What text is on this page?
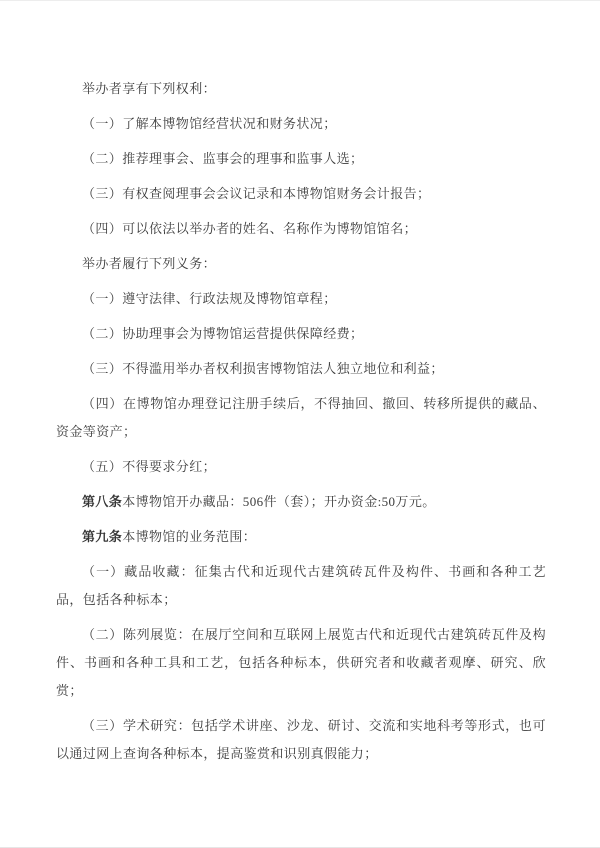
举办者享有下列权利：

（一）了解本博物馆经营状况和财务状况；

（二）推荐理事会、监事会的理事和监事人选；

（三）有权查阅理事会会议记录和本博物馆财务会计报告；

（四）可以依法以举办者的姓名、名称作为博物馆馆名；

举办者履行下列义务：

（一）遵守法律、行政法规及博物馆章程；

（二）协助理事会为博物馆运营提供保障经费；

（三）不得滥用举办者权利损害博物馆法人独立地位和利益；

（四）在博物馆办理登记注册手续后，不得抽回、撤回、转移所提供的藏品、资金等资产；

（五）不得要求分红；

第八条本博物馆开办藏品：506件（套）；开办资金:50万元。

第九条本博物馆的业务范围：

（一）藏品收藏：征集古代和近现代古建筑砖瓦件及构件、书画和各种工艺品，包括各种标本；

（二）陈列展览：在展厅空间和互联网上展览古代和近现代古建筑砖瓦件及构件、书画和各种工具和工艺，包括各种标本，供研究者和收藏者观摩、研究、欣赏；

（三）学术研究：包括学术讲座、沙龙、研讨、交流和实地科考等形式，也可以通过网上查询各种标本，提高鉴赏和识别真假能力；
